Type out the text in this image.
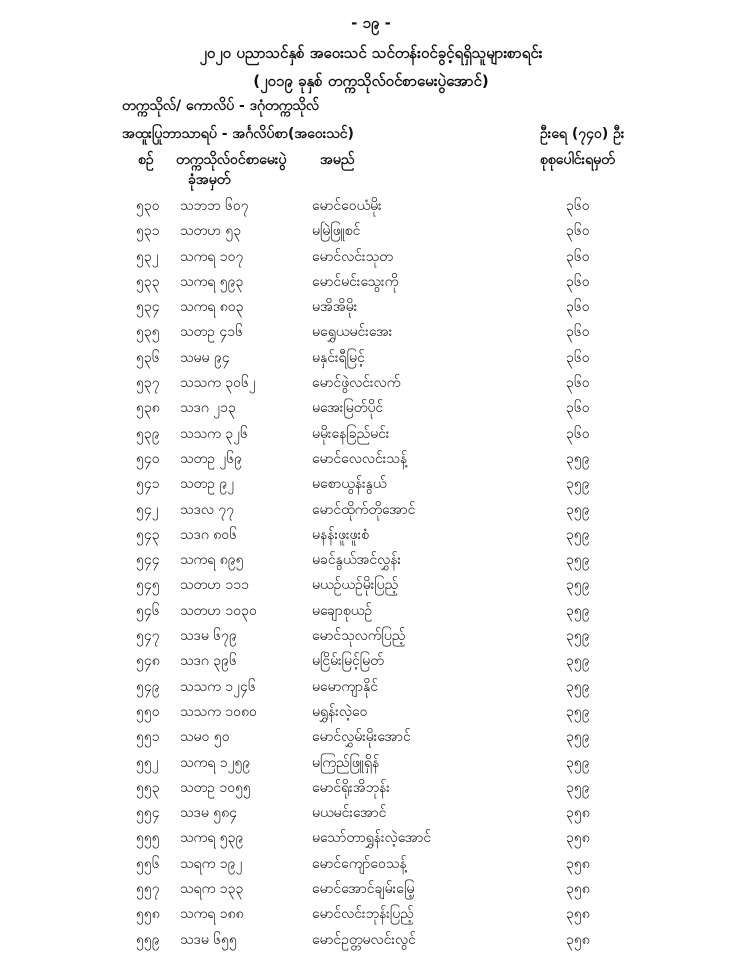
- ၁၉ -
၂၀၂၀ ပညာသင်နှစ် အဝေးသင် သင်တန်းဝင်ခွင့်ရရှိသူများစာရင်း
(၂၀၁၉ ခုနှစ် တက္ကသိုလ်ဝင်စာမေးပွဲအောင်)
တက္ကသိုလ်/ ကောလိပ် - ဒဂုံတက္ကသိုလ်
အထူးပြုဘာသာရပ် - အင်္ဂလိပ်စာ(အဝေးသင်)	ဦးရေ (၇၄၀) ဦး
စဉ် တက္ကသိုလ်ဝင်စာမေးပွဲ
ခုံအမှတ်
အမည်	စုစုပေါင်းရမှတ်
၅၃၀ သဘဘ ၆၀၇	မောင်ဝေယံမိုး	၃၆၀
၅၃၁ သတဟ ၅၃	မမြဲဖြူစင်	၃၆၀
၅၃၂ သကရ ၁၀၇	မောင်လင်းသုတ	၃၆၀
၅၃၃ သကရ ၅၉၃	မောင်မင်းသွေးကို	၃၆၀
၅၃၄ သကရ ၈၀၃	မအိအိမိုး	၃၆၀
၅၃၅ သတဥ ၄၁၆	မရွှေယမင်းအေး	၃၆၀
၅၃၆ သမမ ၉၄	မနှင်းရီမြင့်	၃၆၀
၅၃၇ သသက ၃၀၆၂	မောင်ဖွဲလင်းလက်	၃၆၀
၅၃၈ သဒဂ ၂၁၃	မအေးမြတ်ပိုင်	၃၆၀
၅၃၉ သသက ၃၂၆	မမိုးနေခြည်မင်း	၃၆၀
၅၄၀ သတဥ ၂၆၉	မောင်လေလင်းသန့်	၃၅၉
၅၄၁ သတဥ ၉၂	မစောယွန်းနွယ်	၃၅၉
၅၄၂ သဒလ ၇၇	မောင်ထိုက်တိုအောင်	၃၅၉
၅၄၃ သဒဂ ၈၀၆	မနန်းဖူးဖူးစံ	၃၅၉
၅၄၄ သကရ ၈၉၅	မခင်နွယ်အင်လွှန်း	၃၅၉
၅၄၅ သတဟ ၁၁၁	မယဉ်ယဉ်မိုးပြည့်	၃၅၉
၅၄၆ သတဟ ၁၀၃၀	မချောစုယဉ်	၃၅၉
၅၄၇ သဒမ ၆၇၉	မောင်သုလက်ပြည့်	၃၅၉
၅၄၈ သဒဂ ၃၉၆	မငြိမ်းမြင့်မြတ်	၃၅၉
၅၄၉ သသက ၁၂၄၆	မမောကျာနိုင်	၃၅၉
၅၅၀ သသက ၁၀၈၀	မရွှန်းလဲ့ဝေ	၃၅၉
၅၅၁ သမဝ ၅၀	မောင်လွှမ်းမိုးအောင်	၃၅၉
၅၅၂ သကရ ၁၂၅၉	မကြည်ဖြူရှိန်	၃၅၉
၅၅၃ သတဥ ၁၀၅၅	မောင်ရိုးအိဘုန်း	၃၅၉
၅၅၄ သဒမ ၅၈၄	မယမင်းအောင်	၃၅၈
၅၅၅ သကရ ၅၃၉	မသော်တာရွှန်းလဲ့အောင်	၃၅၈
၅၅၆ သရက ၁၉၂	မောင်ကျော်ဝေသန့်	၃၅၈
၅၅၇ သရက ၁၃၃	မောင်အောင်ချမ်းမြေ့	၃၅၈
၅၅၈ သကရ ၁၈၈	မောင်လင်းဘုန်းပြည့်	၃၅၈
၅၅၉ သဒမ ၆၅၅	မောင်ဥတ္တမလင်းလွင်	၃၅၈
